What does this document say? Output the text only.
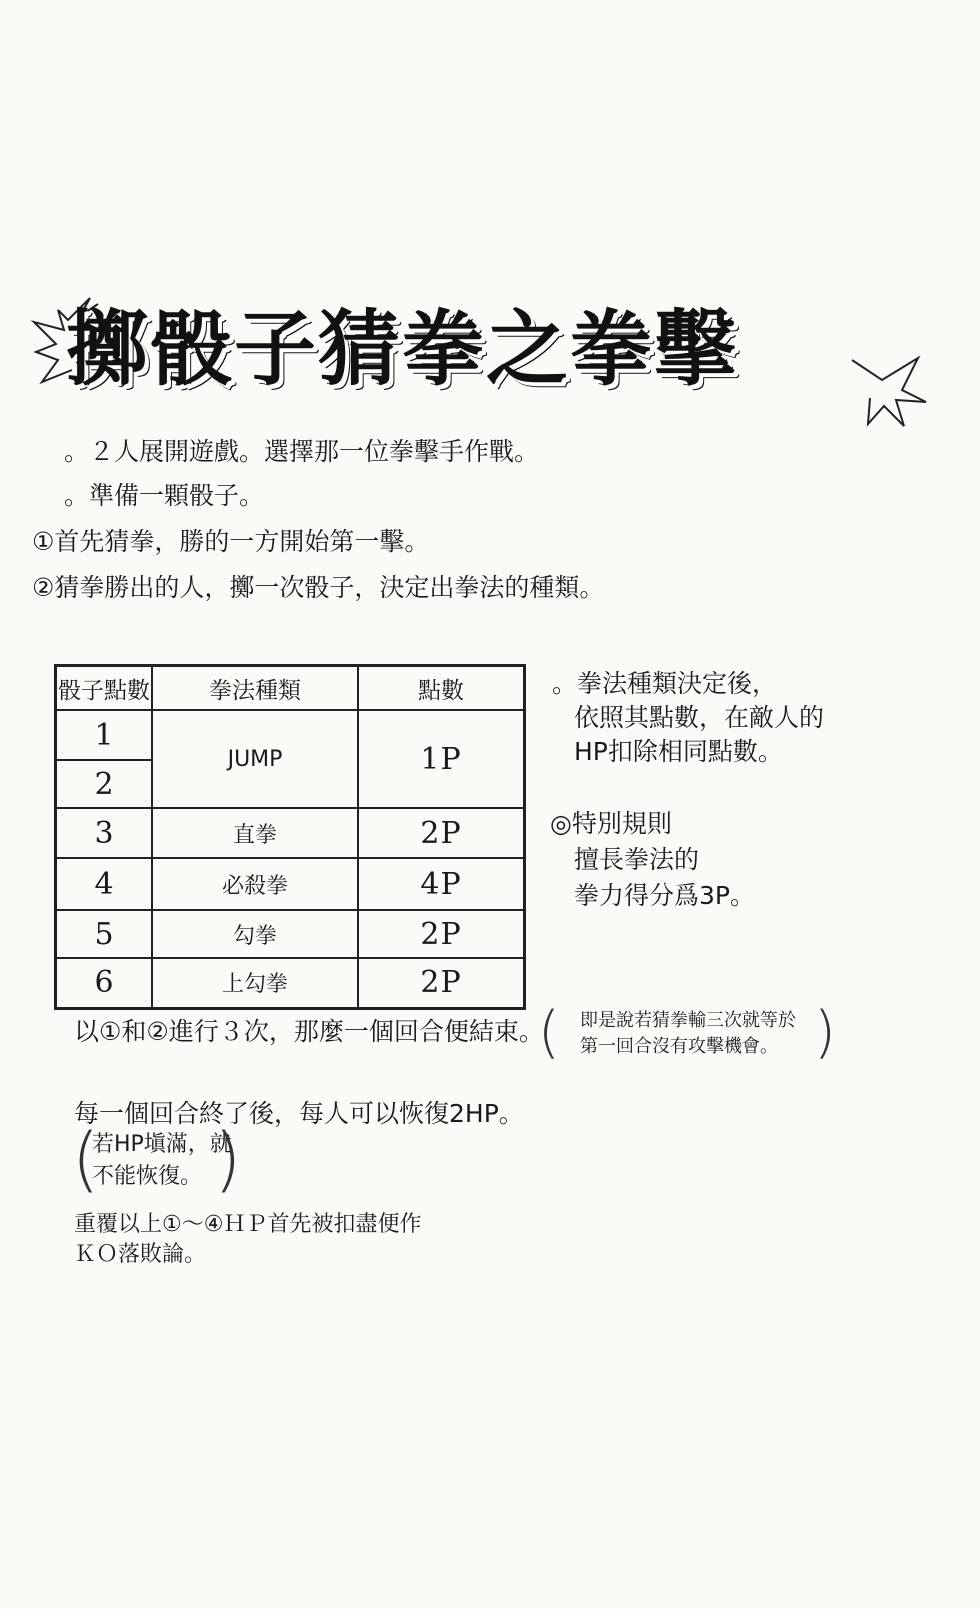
擲骰子猜拳之拳擊
。２人展開遊戲。選擇那一位拳擊手作戰。
。準備一顆骰子。
①首先猜拳，勝的一方開始第一擊。
②猜拳勝出的人，擲一次骰子，決定出拳法的種類。
骰子點數	拳法種類	點數
1	JUMP	1P
2		
3	直拳	2P
4	必殺拳	4P
5	勾拳	2P
6	上勾拳	2P
。拳法種類決定後，
依照其點數，在敵人的
HP扣除相同點數。
◎特別規則
擅長拳法的
拳力得分爲3P。
以①和②進行３次，那麼一個回合便結束。
( 即是說若猜拳輸三次就等於
第一回合沒有攻擊機會。 )
每一個回合終了後，每人可以恢復2HP。
(
若HP塡滿，就
不能恢復。 )
重覆以上①～④ＨＰ首先被扣盡便作
ＫＯ落敗論。
